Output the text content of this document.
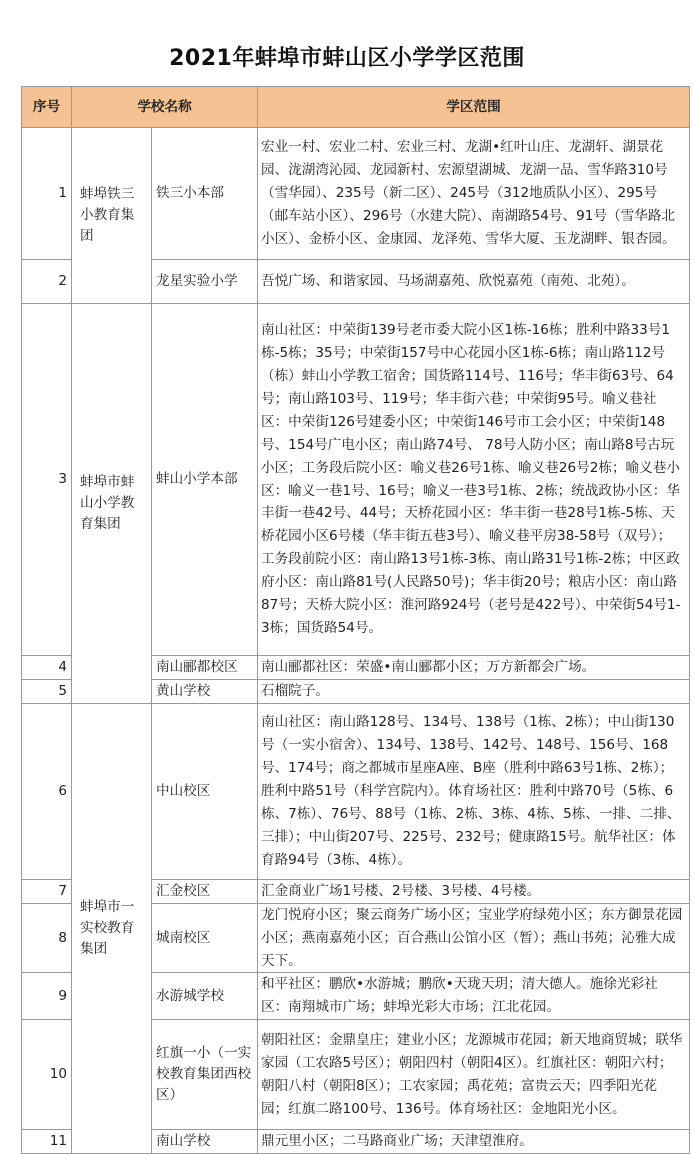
2021年蚌埠市蚌山区小学学区范围
序号	学校名称		学区范围
1	蚌埠铁三小教育集团	铁三小本部	宏业一村、宏业二村、宏业三村、龙湖•红叶山庄、龙湖轩、湖景花园、泷湖湾沁园、龙园新村、宏源望湖城、龙湖一品、雪华路310号（雪华园）、235号（新二区）、245号（312地质队小区）、295号（邮车站小区）、296号（水建大院）、南湖路54号、91号（雪华路北小区）、金桥小区、金康园、龙泽苑、雪华大厦、玉龙湖畔、银杏园。
2		龙星实验小学	吾悦广场、和谐家园、马场湖嘉苑、欣悦嘉苑（南苑、北苑）。
3	蚌埠市蚌山小学教育集团	蚌山小学本部	南山社区：中荣街139号老市委大院小区1栋-16栋；胜利中路33号1栋-5栋；35号；中荣街157号中心花园小区1栋-6栋；南山路112号（栋）蚌山小学教工宿舍；国货路114号、116号；华丰街63号、64号；南山路103号、119号；华丰街六巷；中荣街95号。喻义巷社区：中荣街126号建委小区；中荣街146号市工会小区；中荣街148号、154号广电小区；南山路74号、 78号人防小区；南山路8号古玩小区；工务段后院小区：喻义巷26号1栋、喻义巷26号2栋；喻义巷小区：喻义一巷1号、16号；喻义一巷3号1栋、2栋；统战政协小区：华丰街一巷42号、44号；天桥花园小区：华丰街一巷28号1栋-5栋、天桥花园小区6号楼（华丰街五巷3号）、喻义巷平房38-58号（双号）；工务段前院小区：南山路13号1栋-3栋、南山路31号1栋-2栋；中区政府小区：南山路81号(人民路50号)；华丰街20号；粮店小区：南山路87号；天桥大院小区：淮河路924号（老号是422号）、中荣街54号1-3栋；国货路54号。
4		南山郦都校区	南山郦都社区：荣盛•南山郦都小区；万方新都会广场。
5		黄山学校	石榴院子。
6	蚌埠市一实校教育集团	中山校区	南山社区：南山路128号、134号、138号（1栋、2栋）；中山街130号（一实小宿舍）、134号、138号、142号、148号、156号、168号、174号；商之都城市星座A座、B座（胜利中路63号1栋、2栋）；胜利中路51号（科学宫院内）。体育场社区：胜利中路70号（5栋、6栋、7栋）、76号、88号（1栋、2栋、3栋、4栋、5栋、一排、二排、三排）；中山街207号、225号、232号；健康路15号。航华社区：体育路94号（3栋、4栋）。
7		汇金校区	汇金商业广场1号楼、2号楼、3号楼、4号楼。
8		城南校区	龙门悦府小区；聚云商务广场小区；宝业学府绿苑小区；东方御景花园小区；燕南嘉苑小区；百合燕山公馆小区（暂）；燕山书苑；沁雅大成天下。
9		水游城学校	和平社区：鹏欣•水游城；鹏欣•天珑天玥；清大德人。施徐光彩社区：南翔城市广场；蚌埠光彩大市场；江北花园。
10		红旗一小（一实校教育集团西校区）	朝阳社区：金鼎皇庄；建业小区；龙源城市花园；新天地商贸城；联华家园（工农路5号区）；朝阳四村（朝阳4区）。红旗社区：朝阳六村；朝阳八村（朝阳8区）；工农家园；禹花苑；富贵云天；四季阳光花园；红旗二路100号、136号。体育场社区：金地阳光小区。
11		南山学校	鼎元里小区；二马路商业广场；天津望淮府。
